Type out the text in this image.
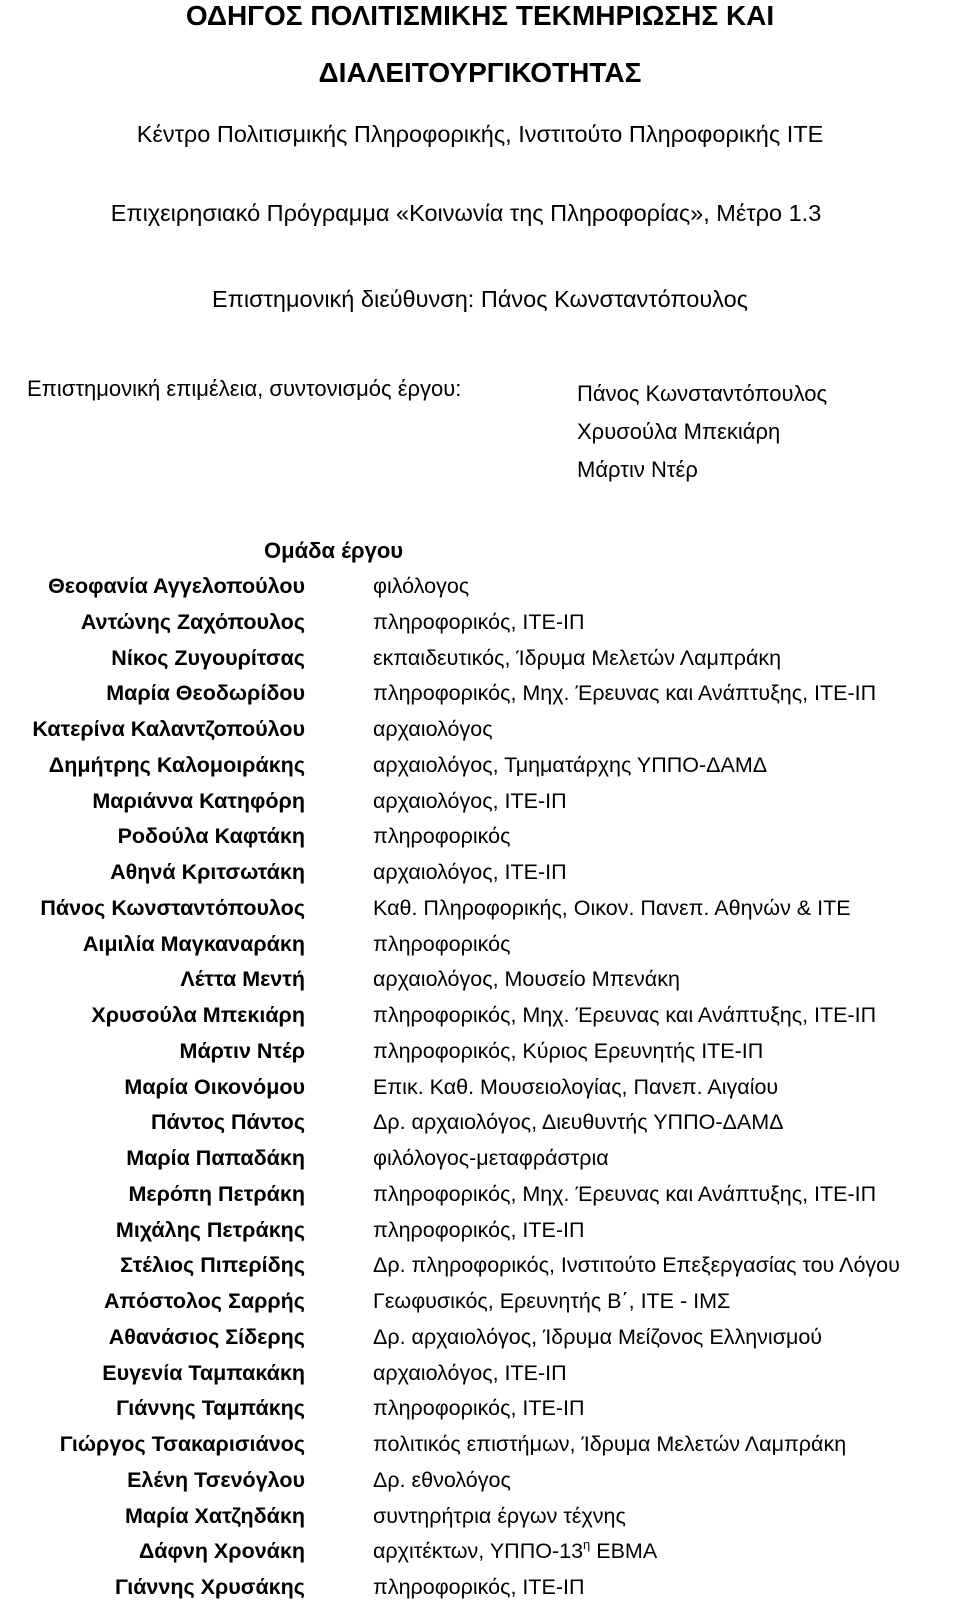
ΟΔΗΓΟΣ ΠΟΛΙΤΙΣΜΙΚΗΣ ΤΕΚΜΗΡΙΩΣΗΣ ΚΑΙ
ΔΙΑΛΕΙΤΟΥΡΓΙΚΟΤΗΤΑΣ
Κέντρο Πολιτισμικής Πληροφορικής, Ινστιτούτο Πληροφορικής ΙΤΕ
Επιχειρησιακό Πρόγραμμα «Κοινωνία της Πληροφορίας», Μέτρο 1.3
Επιστημονική διεύθυνση: Πάνος Κωνσταντόπουλος
Επιστημονική επιμέλεια, συντονισμός έργου:	Πάνος Κωνσταντόπουλος
Χρυσούλα Μπεκιάρη
Μάρτιν Ντέρ
Ομάδα έργου
Θεοφανία Αγγελοπούλου	φιλόλογος
Αντώνης Ζαχόπουλος	πληροφορικός, ΙΤΕ-ΙΠ
Νίκος Ζυγουρίτσας	εκπαιδευτικός, Ίδρυμα Μελετών Λαμπράκη
Μαρία Θεοδωρίδου	πληροφορικός, Μηχ. Έρευνας και Ανάπτυξης, ΙΤΕ-ΙΠ
Κατερίνα Καλαντζοπούλου	αρχαιολόγος
Δημήτρης Καλομοιράκης	αρχαιολόγος, Τμηματάρχης ΥΠΠΟ-ΔΑΜΔ
Μαριάννα Κατηφόρη	αρχαιολόγος, ΙΤΕ-ΙΠ
Ροδούλα Καφτάκη	πληροφορικός
Αθηνά Κριτσωτάκη	αρχαιολόγος, ΙΤΕ-ΙΠ
Πάνος Κωνσταντόπουλος	Καθ. Πληροφορικής, Οικον. Πανεπ. Αθηνών & ΙΤΕ
Αιμιλία Μαγκαναράκη	πληροφορικός
Λέττα Μεντή	αρχαιολόγος, Μουσείο Μπενάκη
Χρυσούλα Μπεκιάρη	πληροφορικός, Μηχ. Έρευνας και Ανάπτυξης, ΙΤΕ-ΙΠ
Μάρτιν Ντέρ	πληροφορικός, Κύριος Ερευνητής ΙΤΕ-ΙΠ
Μαρία Οικονόμου	Επικ. Καθ. Μουσειολογίας, Πανεπ. Αιγαίου
Πάντος Πάντος	Δρ. αρχαιολόγος, Διευθυντής ΥΠΠΟ-ΔΑΜΔ
Μαρία Παπαδάκη	φιλόλογος-μεταφράστρια
Μερόπη Πετράκη	πληροφορικός, Μηχ. Έρευνας και Ανάπτυξης, ΙΤΕ-ΙΠ
Μιχάλης Πετράκης	πληροφορικός, ΙΤΕ-ΙΠ
Στέλιος Πιπερίδης	Δρ. πληροφορικός, Ινστιτούτο Επεξεργασίας του Λόγου
Απόστολος Σαρρής	Γεωφυσικός, Ερευνητής Β΄, ΙΤΕ - ΙΜΣ
Αθανάσιος Σίδερης	Δρ. αρχαιολόγος, Ίδρυμα Μείζονος Ελληνισμού
Ευγενία Ταμπακάκη	αρχαιολόγος, ΙΤΕ-ΙΠ
Γιάννης Ταμπάκης	πληροφορικός, ΙΤΕ-ΙΠ
Γιώργος Τσακαρισιάνος	πολιτικός επιστήμων, Ίδρυμα Μελετών Λαμπράκη
Ελένη Τσενόγλου	Δρ. εθνολόγος
Μαρία Χατζηδάκη	συντηρήτρια έργων τέχνης
Δάφνη Χρονάκη	αρχιτέκτων, ΥΠΠΟ-$13^\eta$ ΕΒΜΑ
Γιάννης Χρυσάκης	πληροφορικός, ΙΤΕ-ΙΠ
